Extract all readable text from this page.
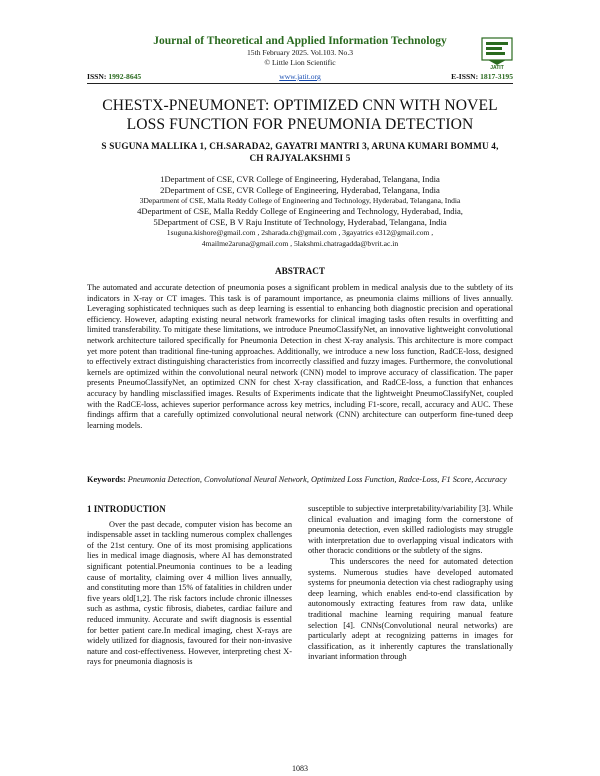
Journal of Theoretical and Applied Information Technology
15th February 2025. Vol.103. No.3
© Little Lion Scientific
JATIT
ISSN: 1992-8645	www.jatit.org	E-ISSN: 1817-3195
CHESTX-PNEUMONET: OPTIMIZED CNN WITH NOVEL
LOSS FUNCTION FOR PNEUMONIA DETECTION
S SUGUNA MALLIKA 1, CH.SARADA2, GAYATRI MANTRI 3, ARUNA KUMARI BOMMU 4,
CH RAJYALAKSHMI 5
1Department of CSE, CVR College of Engineering, Hyderabad, Telangana, India
2Department of CSE, CVR College of Engineering, Hyderabad, Telangana, India
3Department of CSE, Malla Reddy College of Engineering and Technology, Hyderabad, Telangana, India
4Department of CSE, Malla Reddy College of Engineering and Technology, Hyderabad, India,
5Department of CSE, B V Raju Institute of Technology, Hyderabad, Telangana, India
1suguna.kishore@gmail.com , 2sharada.ch@gmail.com , 3gayatrics e312@gmail.com ,
4mailme2aruna@gmail.com , 5lakshmi.chatragadda@bvrit.ac.in
ABSTRACT
The automated and accurate detection of pneumonia poses a significant problem in medical analysis due to the subtlety of its indicators in X-ray or CT images. This task is of paramount importance, as pneumonia claims millions of lives annually. Leveraging sophisticated techniques such as deep learning is essential to enhancing both diagnostic precision and operational efficiency. However, adapting existing neural network frameworks for clinical imaging tasks often results in overfitting and limited transferability. To mitigate these limitations, we introduce PneumoClassifyNet, an innovative lightweight convolutional network architecture tailored specifically for Pneumonia Detection in chest X-ray analysis. This architecture is more compact yet more potent than traditional fine-tuning approaches. Additionally, we introduce a new loss function, RadCE-loss, designed to effectively extract distinguishing characteristics from incorrectly classified and fuzzy images. Furthermore, the convolutional kernels are optimized within the convolutional neural network (CNN) model to improve accuracy of classification. The paper presents PneumoClassifyNet, an optimized CNN for chest X-ray classification, and RadCE-loss, a function that enhances accuracy by handling misclassified images. Results of Experiments indicate that the lightweight PneumoClassifyNet, coupled with the RadCE-loss, achieves superior performance across key metrics, including F1-score, recall, accuracy and AUC. These findings affirm that a carefully optimized convolutional neural network (CNN) architecture can outperform fine-tuned deep learning models.
Keywords: Pneumonia Detection, Convolutional Neural Network, Optimized Loss Function, Radce-Loss, F1 Score, Accuracy
1 INTRODUCTION

Over the past decade, computer vision has become an indispensable asset in tackling numerous complex challenges of the 21st century. One of its most promising applications lies in medical image diagnosis, where AI has demonstrated significant potential.Pneumonia continues to be a leading cause of mortality, claiming over 4 million lives annually, and constituting more than 15% of fatalities in children under five years old[1,2]. The risk factors include chronic illnesses such as asthma, cystic fibrosis, diabetes, cardiac failure and reduced immunity. Accurate and swift diagnosis is essential for better patient care.In medical imaging, chest X-rays are widely utilized for diagnosis, favoured for their non-invasive nature and cost-effectiveness. However, interpreting chest X-rays for pneumonia diagnosis is

susceptible to subjective interpretability/variability [3]. While clinical evaluation and imaging form the cornerstone of pneumonia detection, even skilled radiologists may struggle with interpretation due to overlapping visual indicators with other thoracic conditions or the subtlety of the signs.

This underscores the need for automated detection systems. Numerous studies have developed automated systems for pneumonia detection via chest radiography using deep learning, which enables end-to-end classification by autonomously extracting features from raw data, unlike traditional machine learning requiring manual feature selection [4]. CNNs(Convolutional neural networks) are particularly adept at recognizing patterns in images for classification, as it inherently captures the translationally invariant information through

1083
